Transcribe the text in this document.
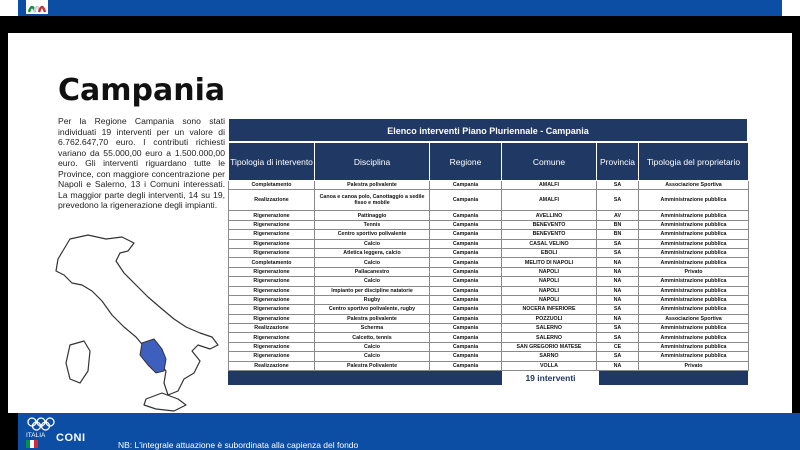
Campania
Per la Regione Campania sono stati individuati 19 interventi per un valore di 6.762.647,70 euro. I contributi richiesti variano da 55.000,00 euro a 1.500.000,00 euro. Gli interventi riguardano tutte le Province, con maggiore concentrazione per Napoli e Salerno, 13 i Comuni interessati. La maggior parte degli interventi, 14 su 19, prevedono la rigenerazione degli impianti.
Elenco interventi Piano Pluriennale - Campania
Tipologia di intervento	Disciplina	Regione	Comune	Provincia	Tipologia del proprietario
Completamento	Palestra polivalente	Campania	AMALFI	SA	Associazione Sportiva
Realizzazione	Canoa e canoa polo, Canottaggio a sedile fisso e mobile	Campania	AMALFI	SA	Amministrazione pubblica
Rigenerazione	Pattinaggio	Campania	AVELLINO	AV	Amministrazione pubblica
Rigenerazione	Tennis	Campania	BENEVENTO	BN	Amministrazione pubblica
Rigenerazione	Centro sportivo polivalente	Campania	BENEVENTO	BN	Amministrazione pubblica
Rigenerazione	Calcio	Campania	CASAL VELINO	SA	Amministrazione pubblica
Rigenerazione	Atletica leggera, calcio	Campania	EBOLI	SA	Amministrazione pubblica
Completamento	Calcio	Campania	MELITO DI NAPOLI	NA	Amministrazione pubblica
Rigenerazione	Pallacanestro	Campania	NAPOLI	NA	Privato
Rigenerazione	Calcio	Campania	NAPOLI	NA	Amministrazione pubblica
Rigenerazione	Impianto per discipline natatorie	Campania	NAPOLI	NA	Amministrazione pubblica
Rigenerazione	Rugby	Campania	NAPOLI	NA	Amministrazione pubblica
Rigenerazione	Centro sportivo polivalente, rugby	Campania	NOCERA INFERIORE	SA	Amministrazione pubblica
Rigenerazione	Palestra polivalente	Campania	POZZUOLI	NA	Associazione Sportiva
Realizzazione	Scherma	Campania	SALERNO	SA	Amministrazione pubblica
Rigenerazione	Calcetto, tennis	Campania	SALERNO	SA	Amministrazione pubblica
Rigenerazione	Calcio	Campania	SAN GREGORIO MATESE	CE	Amministrazione pubblica
Rigenerazione	Calcio	Campania	SARNO	SA	Amministrazione pubblica
Realizzazione	Palestra Polivalente	Campania	VOLLA	NA	Privato
19 interventi
ITALIA CONI
NB: L'integrale attuazione è subordinata alla capienza del fondo
